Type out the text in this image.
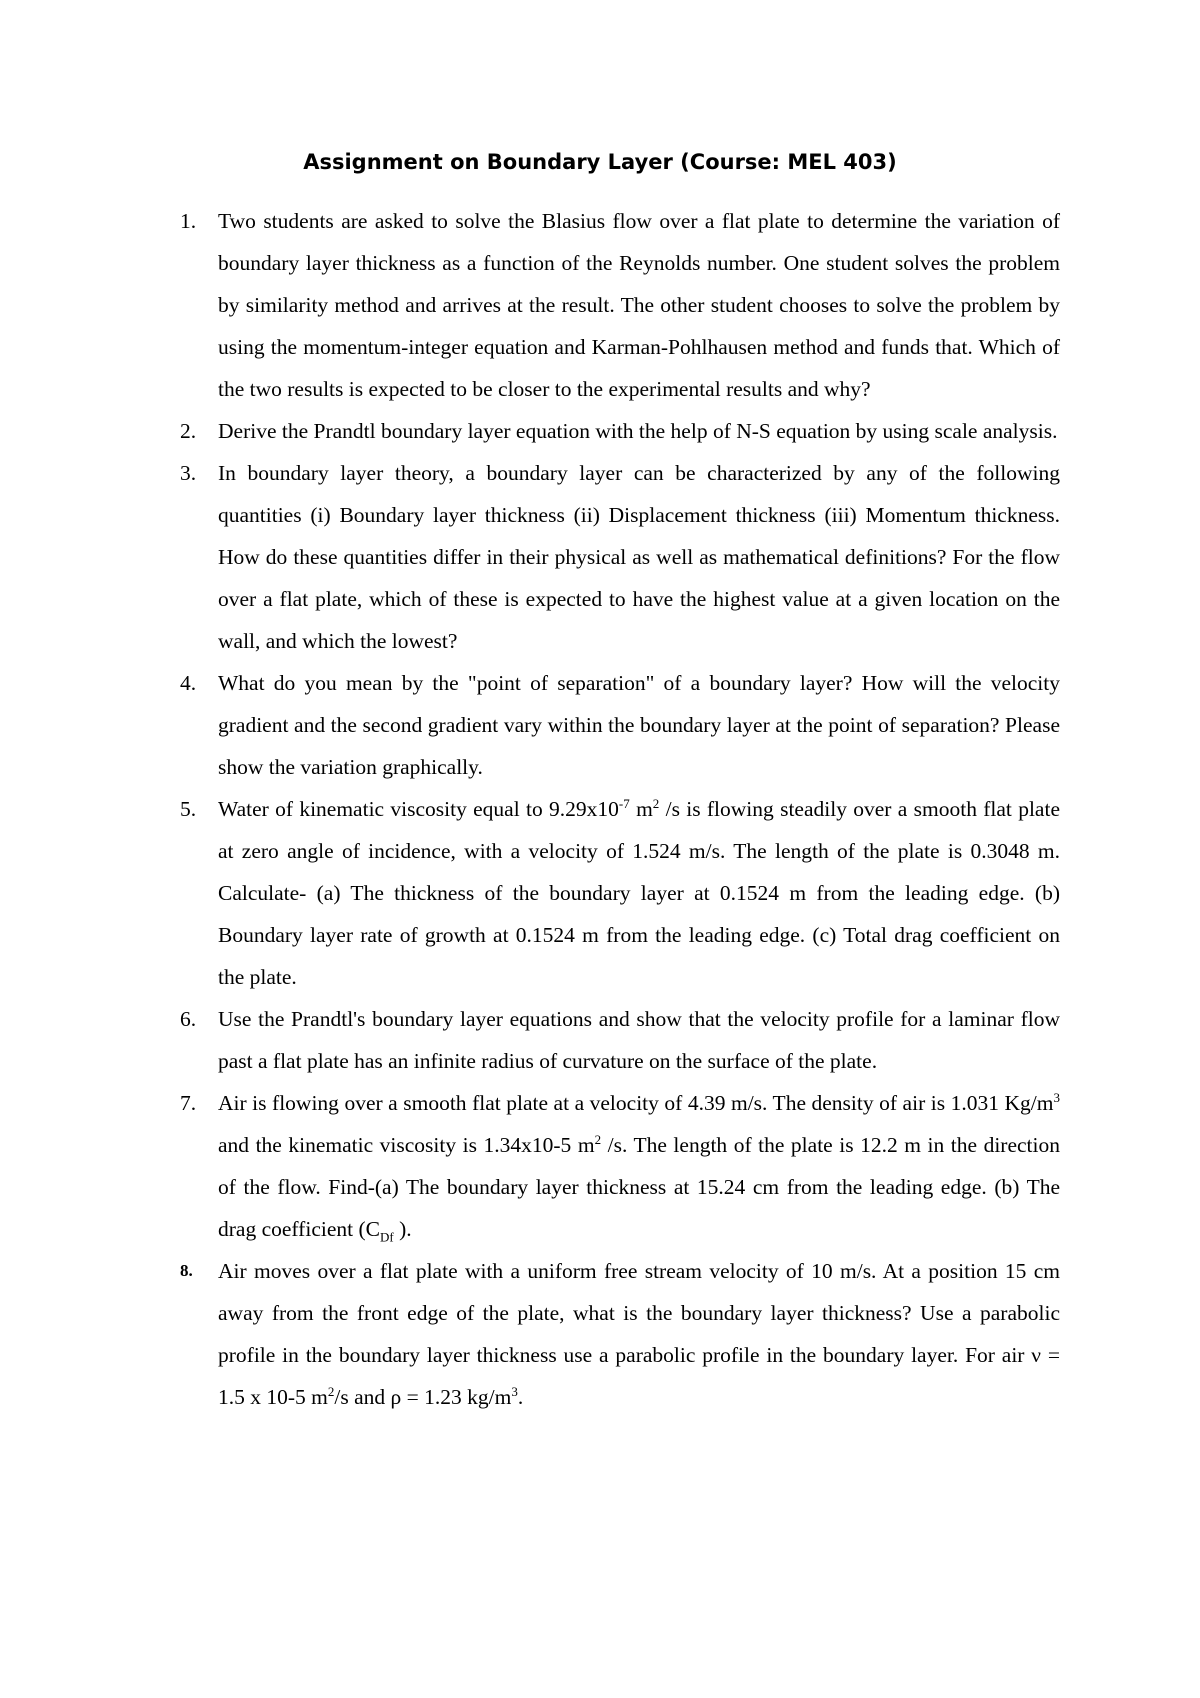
Assignment on Boundary Layer (Course: MEL 403)
1. Two students are asked to solve the Blasius flow over a flat plate to determine the variation of boundary layer thickness as a function of the Reynolds number. One student solves the problem by similarity method and arrives at the result. The other student chooses to solve the problem by using the momentum-integer equation and Karman-Pohlhausen method and funds that. Which of the two results is expected to be closer to the experimental results and why?
2. Derive the Prandtl boundary layer equation with the help of N-S equation by using scale analysis.
3. In boundary layer theory, a boundary layer can be characterized by any of the following quantities (i) Boundary layer thickness (ii) Displacement thickness (iii) Momentum thickness. How do these quantities differ in their physical as well as mathematical definitions? For the flow over a flat plate, which of these is expected to have the highest value at a given location on the wall, and which the lowest?
4. What do you mean by the "point of separation" of a boundary layer? How will the velocity gradient and the second gradient vary within the boundary layer at the point of separation? Please show the variation graphically.
5. Water of kinematic viscosity equal to $9.29x10^{-7}$ $m^2$ /s is flowing steadily over a smooth flat plate at zero angle of incidence, with a velocity of 1.524 m/s. The length of the plate is 0.3048 m. Calculate- (a) The thickness of the boundary layer at 0.1524 m from the leading edge. (b) Boundary layer rate of growth at 0.1524 m from the leading edge. (c) Total drag coefficient on the plate.
6. Use the Prandtl's boundary layer equations and show that the velocity profile for a laminar flow past a flat plate has an infinite radius of curvature on the surface of the plate.
7. Air is flowing over a smooth flat plate at a velocity of 4.39 m/s. The density of air is 1.031 $Kg/m^3$ and the kinematic viscosity is 1.34x10-5 $m^2$ /s. The length of the plate is 12.2 m in the direction of the flow. Find-(a) The boundary layer thickness at 15.24 cm from the leading edge. (b) The drag coefficient ($C_{Df}$ ).
8. Air moves over a flat plate with a uniform free stream velocity of 10 m/s. At a position 15 cm away from the front edge of the plate, what is the boundary layer thickness? Use a parabolic profile in the boundary layer thickness use a parabolic profile in the boundary layer. For air ν = 1.5 x 10-5 $m^2/s$ and ρ = 1.23 $kg/m^3$.
